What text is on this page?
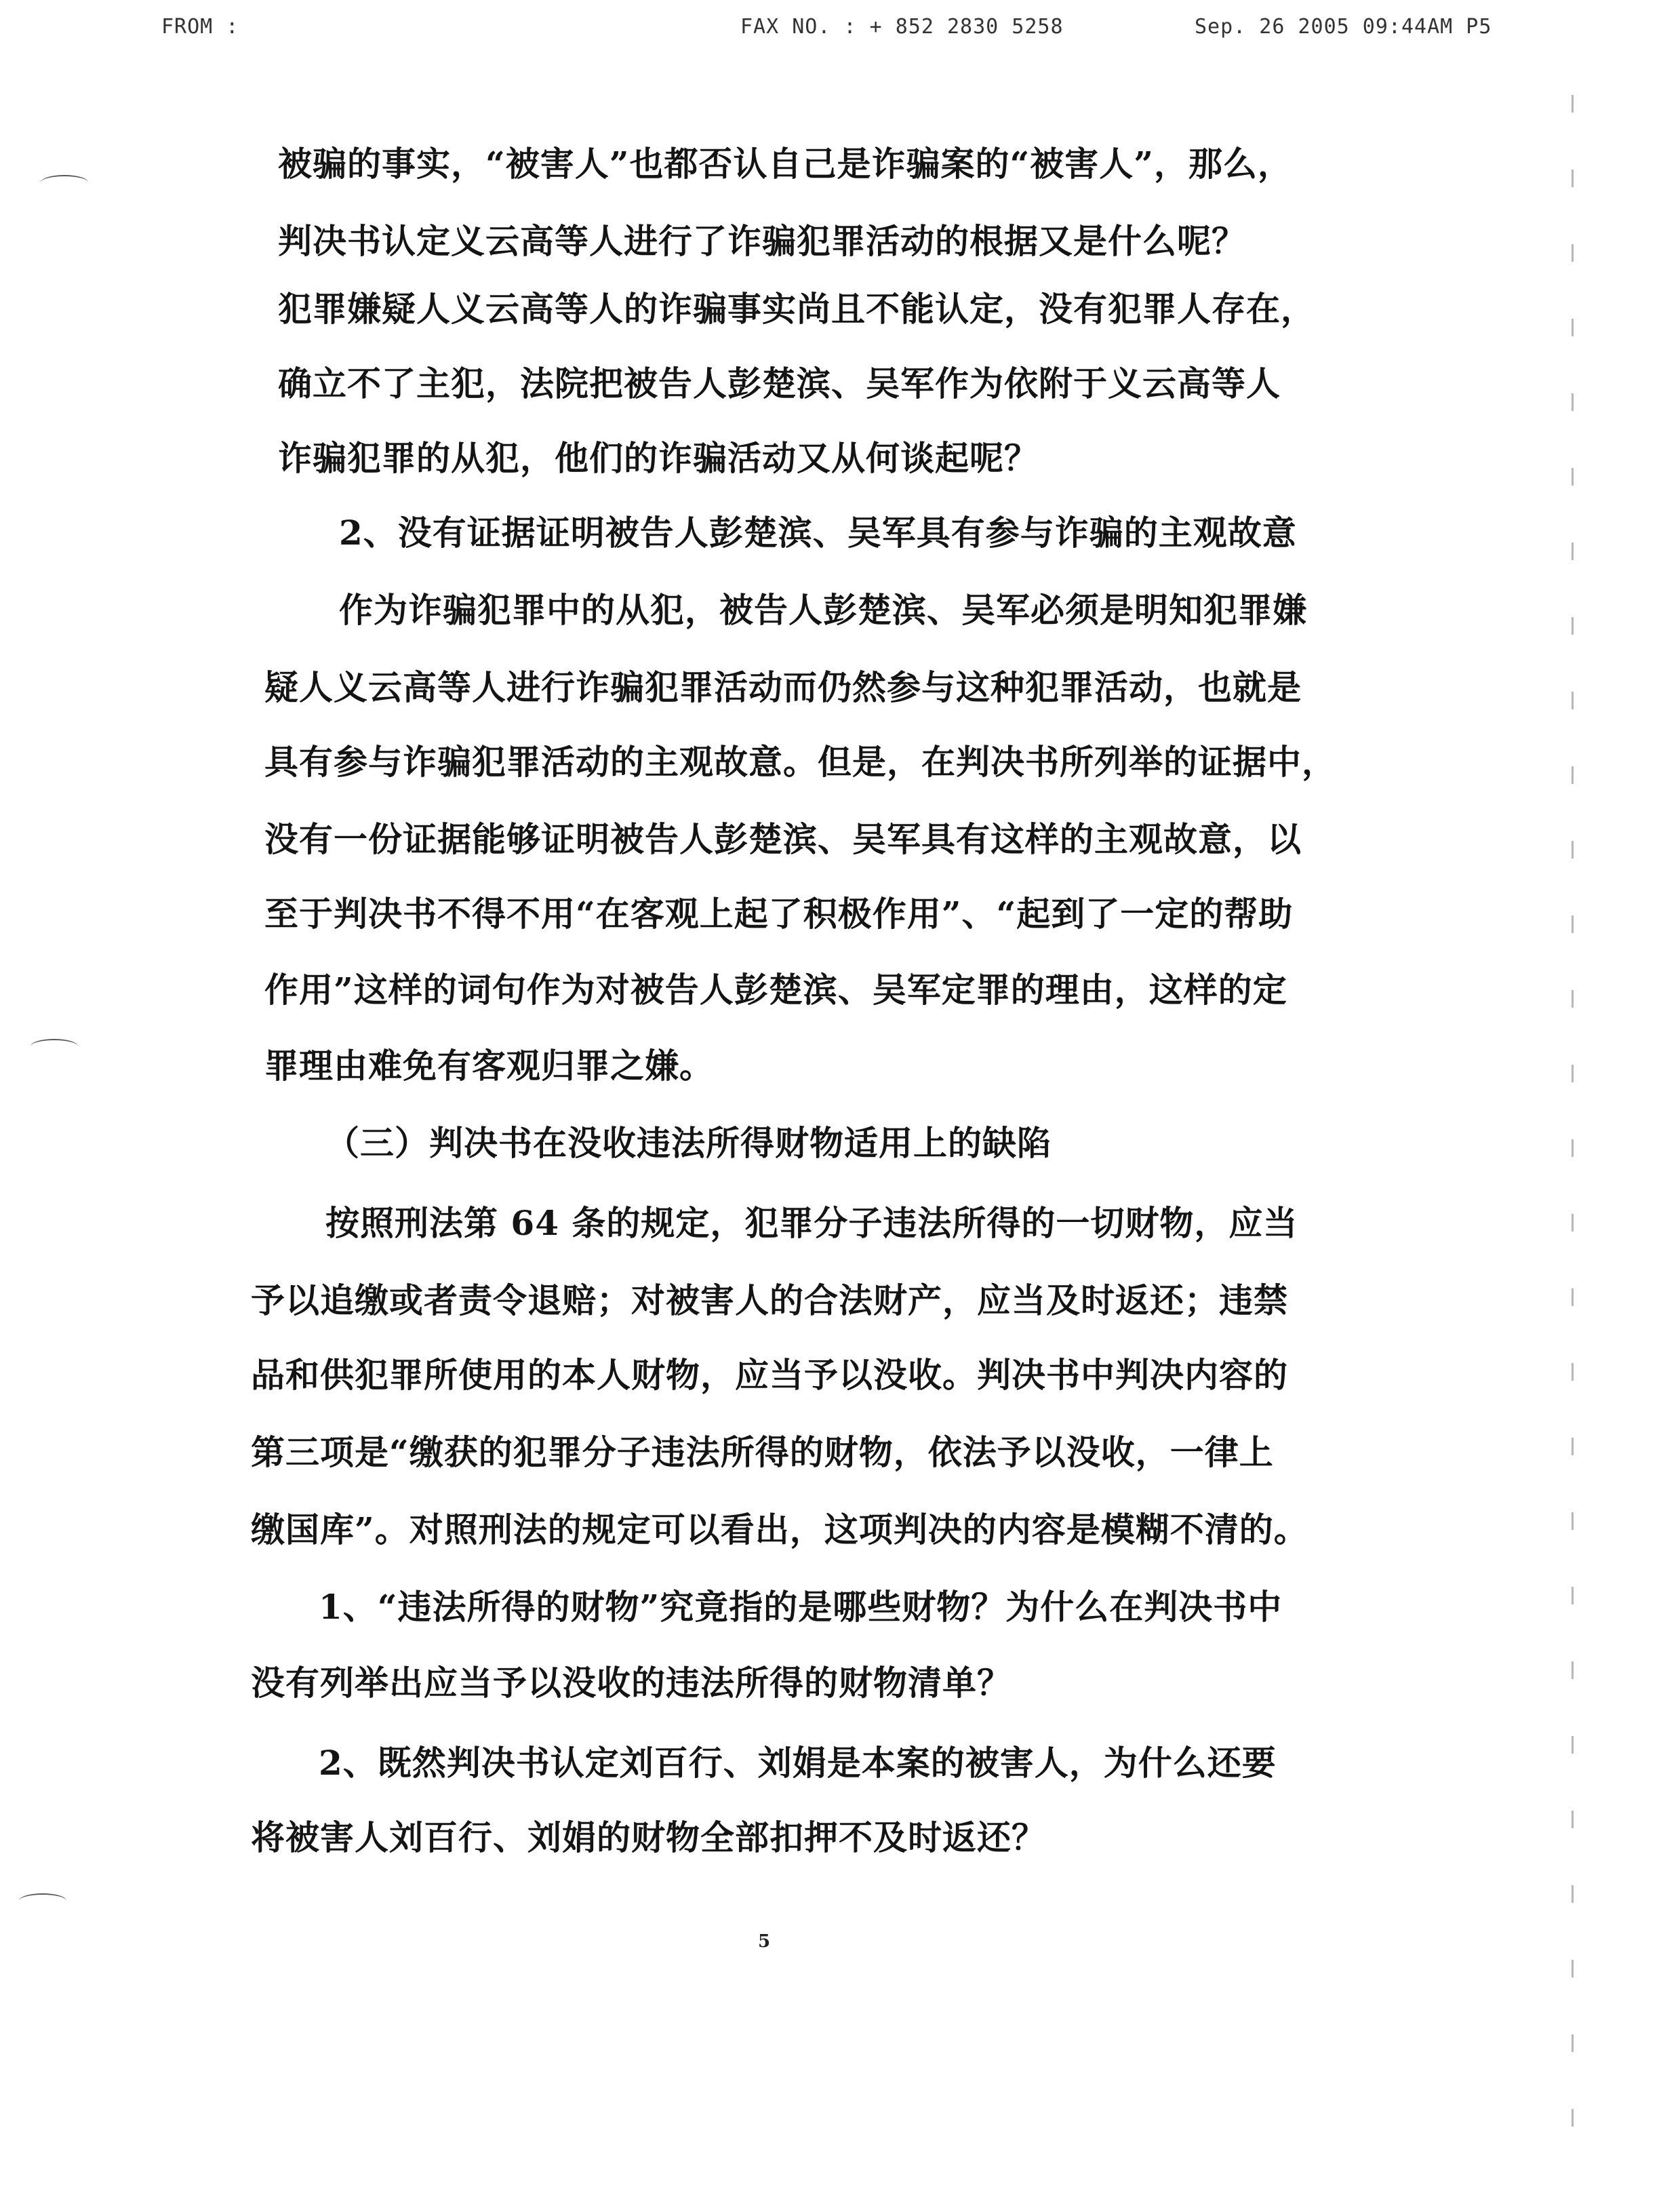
FROM :	FAX NO. : + 852 2830 5258	Sep. 26 2005 09:44AM P5
被骗的事实，“被害人”也都否认自己是诈骗案的“被害人”，那么，
判决书认定义云高等人进行了诈骗犯罪活动的根据又是什么呢？
犯罪嫌疑人义云高等人的诈骗事实尚且不能认定，没有犯罪人存在，
确立不了主犯，法院把被告人彭楚滨、吴军作为依附于义云高等人
诈骗犯罪的从犯，他们的诈骗活动又从何谈起呢？
2、没有证据证明被告人彭楚滨、吴军具有参与诈骗的主观故意
作为诈骗犯罪中的从犯，被告人彭楚滨、吴军必须是明知犯罪嫌
疑人义云高等人进行诈骗犯罪活动而仍然参与这种犯罪活动，也就是
具有参与诈骗犯罪活动的主观故意。但是，在判决书所列举的证据中，
没有一份证据能够证明被告人彭楚滨、吴军具有这样的主观故意，以
至于判决书不得不用“在客观上起了积极作用”、“起到了一定的帮助
作用”这样的词句作为对被告人彭楚滨、吴军定罪的理由，这样的定
罪理由难免有客观归罪之嫌。
（三）判决书在没收违法所得财物适用上的缺陷
按照刑法第 64 条的规定，犯罪分子违法所得的一切财物，应当
予以追缴或者责令退赔；对被害人的合法财产，应当及时返还；违禁
品和供犯罪所使用的本人财物，应当予以没收。判决书中判决内容的
第三项是“缴获的犯罪分子违法所得的财物，依法予以没收，一律上
缴国库”。对照刑法的规定可以看出，这项判决的内容是模糊不清的。
1、“违法所得的财物”究竟指的是哪些财物？为什么在判决书中
没有列举出应当予以没收的违法所得的财物清单？
2、既然判决书认定刘百行、刘娟是本案的被害人，为什么还要
将被害人刘百行、刘娟的财物全部扣押不及时返还？
5
